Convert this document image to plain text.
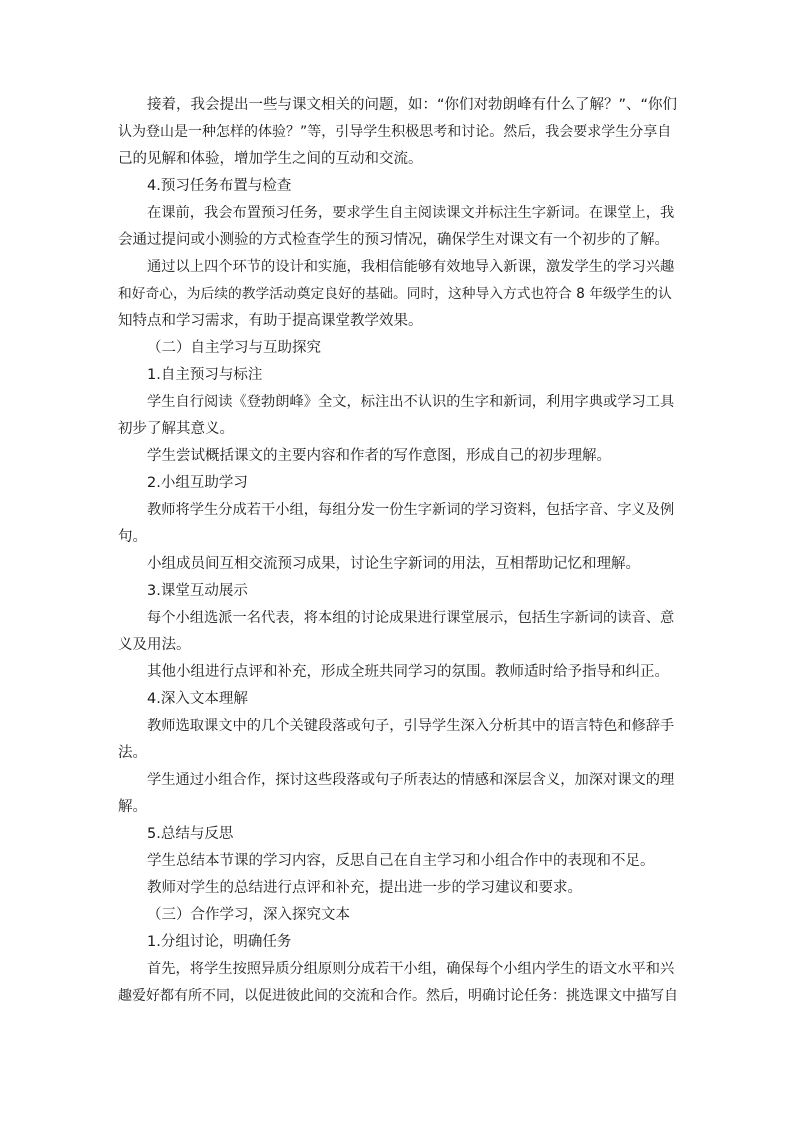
接着，我会提出一些与课文相关的问题，如：“你们对勃朗峰有什么了解？”、“你们
认为登山是一种怎样的体验？”等，引导学生积极思考和讨论。然后，我会要求学生分享自
己的见解和体验，增加学生之间的互动和交流。
4.预习任务布置与检查
在课前，我会布置预习任务，要求学生自主阅读课文并标注生字新词。在课堂上，我
会通过提问或小测验的方式检查学生的预习情况，确保学生对课文有一个初步的了解。
通过以上四个环节的设计和实施，我相信能够有效地导入新课，激发学生的学习兴趣
和好奇心，为后续的教学活动奠定良好的基础。同时，这种导入方式也符合 8 年级学生的认
知特点和学习需求，有助于提高课堂教学效果。
（二）自主学习与互助探究
1.自主预习与标注
学生自行阅读《登勃朗峰》全文，标注出不认识的生字和新词，利用字典或学习工具
初步了解其意义。
学生尝试概括课文的主要内容和作者的写作意图，形成自己的初步理解。
2.小组互助学习
教师将学生分成若干小组，每组分发一份生字新词的学习资料，包括字音、字义及例
句。
小组成员间互相交流预习成果，讨论生字新词的用法，互相帮助记忆和理解。
3.课堂互动展示
每个小组选派一名代表，将本组的讨论成果进行课堂展示，包括生字新词的读音、意
义及用法。
其他小组进行点评和补充，形成全班共同学习的氛围。教师适时给予指导和纠正。
4.深入文本理解
教师选取课文中的几个关键段落或句子，引导学生深入分析其中的语言特色和修辞手
法。
学生通过小组合作，探讨这些段落或句子所表达的情感和深层含义，加深对课文的理
解。
5.总结与反思
学生总结本节课的学习内容，反思自己在自主学习和小组合作中的表现和不足。
教师对学生的总结进行点评和补充，提出进一步的学习建议和要求。
（三）合作学习，深入探究文本
1.分组讨论，明确任务
首先，将学生按照异质分组原则分成若干小组，确保每个小组内学生的语文水平和兴
趣爱好都有所不同，以促进彼此间的交流和合作。然后，明确讨论任务：挑选课文中描写自
